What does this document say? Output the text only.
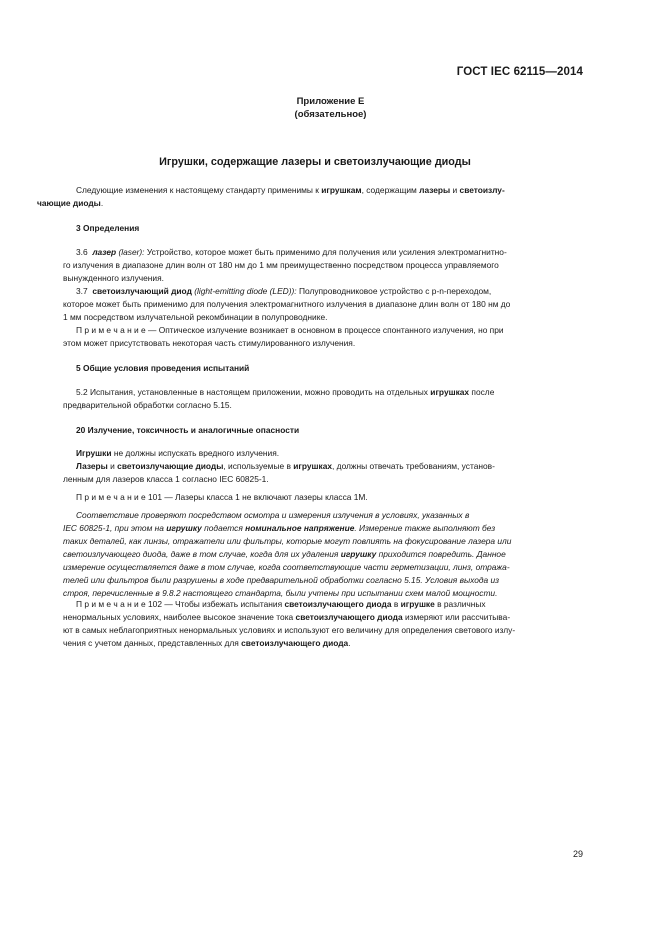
ГОСТ IEC 62115—2014
Приложение Е
(обязательное)
Игрушки, содержащие лазеры и светоизлучающие диоды
Следующие изменения к настоящему стандарту применимы к игрушкам, содержащим лазеры и светоизлу-
чающие диоды.
3 Определения
3.6 лазер (laser): Устройство, которое может быть применимо для получения или усиления электромагнитно-
го излучения в диапазоне длин волн от 180 нм до 1 мм преимущественно посредством процесса управляемого
вынужденного излучения.
3.7 светоизлучающий диод (light-emitting diode (LED)): Полупроводниковое устройство с р-n-переходом,
которое может быть применимо для получения электромагнитного излучения в диапазоне длин волн от 180 нм до
1 мм посредством излучательной рекомбинации в полупроводнике.
П р и м е ч а н и е — Оптическое излучение возникает в основном в процессе спонтанного излучения, но при
этом может присутствовать некоторая часть стимулированного излучения.
5 Общие условия проведения испытаний
5.2 Испытания, установленные в настоящем приложении, можно проводить на отдельных игрушках после
предварительной обработки согласно 5.15.
20 Излучение, токсичность и аналогичные опасности
Игрушки не должны испускать вредного излучения.
Лазеры и светоизлучающие диоды, используемые в игрушках, должны отвечать требованиям, установ-
ленным для лазеров класса 1 согласно IEC 60825-1.
П р и м е ч а н и е 101 — Лазеры класса 1 не включают лазеры класса 1М.
Соответствие проверяют посредством осмотра и измерения излучения в условиях, указанных в
IEC 60825-1, при этом на игрушку подается номинальное напряжение. Измерение также выполняют без
таких деталей, как линзы, отражатели или фильтры, которые могут повлиять на фокусирование лазера или
светоизлучающего диода, даже в том случае, когда для их удаления игрушку приходится повредить. Данное
измерение осуществляется даже в том случае, когда соответствующие части герметизации, линз, отража-
телей или фильтров были разрушены в ходе предварительной обработки согласно 5.15. Условия выхода из
строя, перечисленные в 9.8.2 настоящего стандарта, были учтены при испытании схем малой мощности.
П р и м е ч а н и е 102 — Чтобы избежать испытания светоизлучающего диода в игрушке в различных
ненормальных условиях, наиболее высокое значение тока светоизлучающего диода измеряют или рассчитыва-
ют в самых неблагоприятных ненормальных условиях и используют его величину для определения светового излу-
чения с учетом данных, представленных для светоизлучающего диода.
29
